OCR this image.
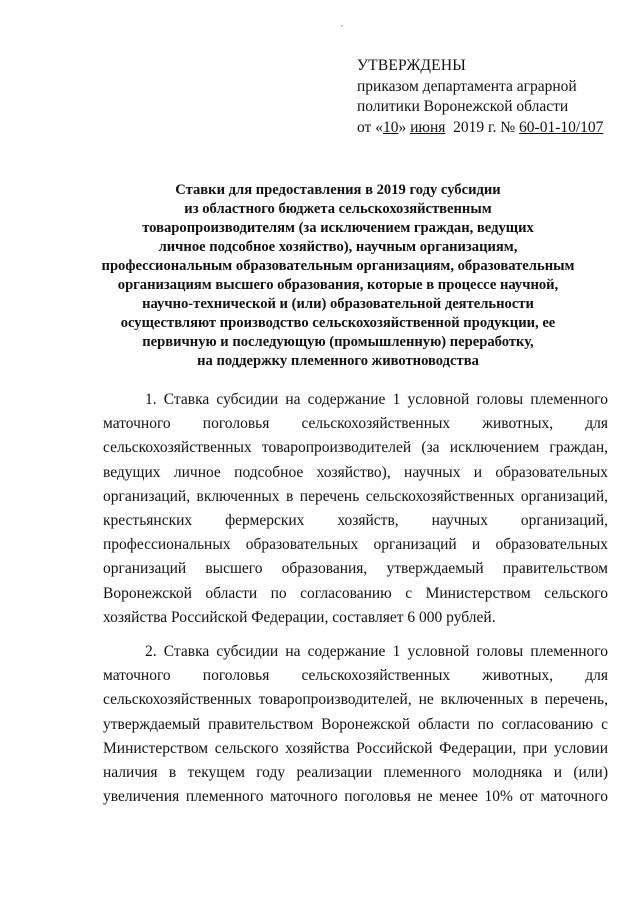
УТВЕРЖДЕНЫ
приказом департамента аграрной
политики Воронежской области
от «10» июня  2019 г. № 60-01-10/107
Ставки для предоставления в 2019 году субсидии
из областного бюджета сельскохозяйственным
товаропроизводителям (за исключением граждан, ведущих
личное подсобное хозяйство), научным организациям,
профессиональным образовательным организациям, образовательным
организациям высшего образования, которые в процессе научной,
научно-технической и (или) образовательной деятельности
осуществляют производство сельскохозяйственной продукции, ее
первичную и последующую (промышленную) переработку,
на поддержку племенного животноводства
1. Ставка субсидии на содержание 1 условной головы племенного
маточного поголовья сельскохозяйственных животных, для
сельскохозяйственных товаропроизводителей (за исключением граждан,
ведущих личное подсобное хозяйство), научных и образовательных
организаций, включенных в перечень сельскохозяйственных организаций,
крестьянских фермерских хозяйств, научных организаций,
профессиональных образовательных организаций и образовательных
организаций высшего образования, утверждаемый правительством
Воронежской области по согласованию с Министерством сельского
хозяйства Российской Федерации, составляет 6 000 рублей.
2. Ставка субсидии на содержание 1 условной головы племенного
маточного поголовья сельскохозяйственных животных, для
сельскохозяйственных товаропроизводителей, не включенных в перечень,
утверждаемый правительством Воронежской области по согласованию с
Министерством сельского хозяйства Российской Федерации, при условии
наличия в текущем году реализации племенного молодняка и (или)
увеличения племенного маточного поголовья не менее 10% от маточного
